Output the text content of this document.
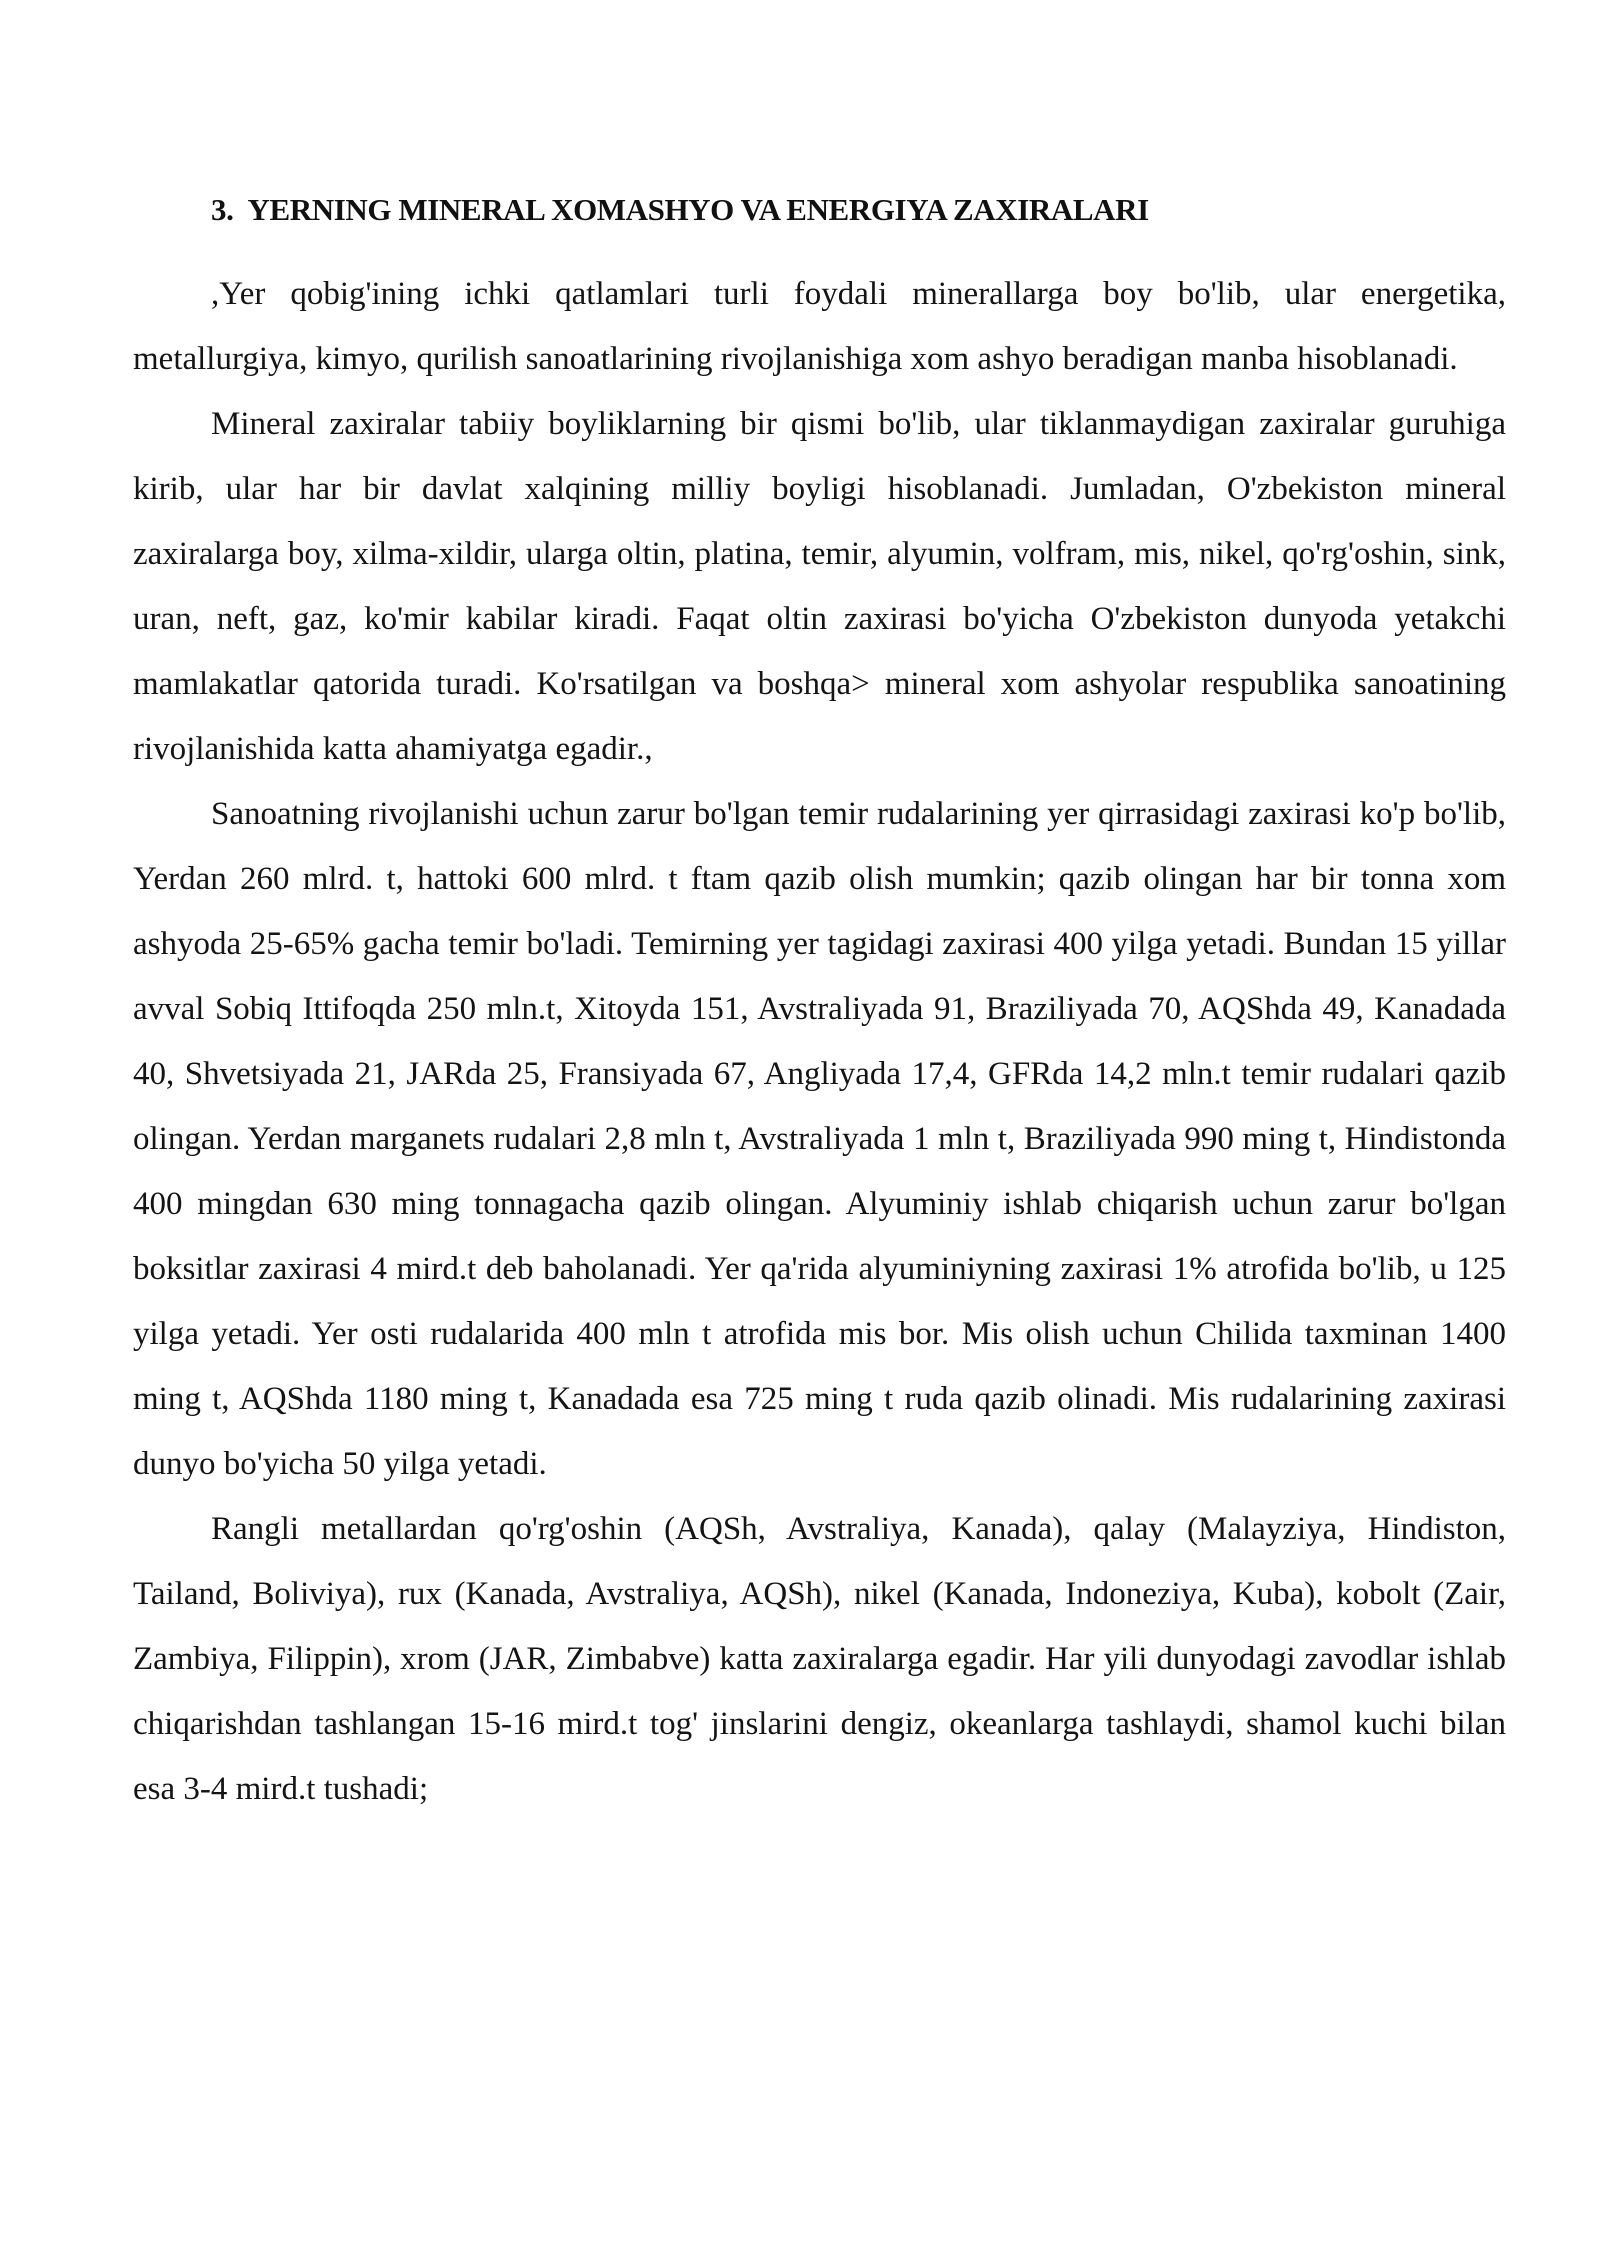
3. YERNING MINERAL XOMASHYO VA ENERGIYA ZAXIRALARI

,Yer qobig'ining ichki qatlamlari turli foydali minerallarga boy bo'lib, ular energetika, metallurgiya, kimyo, qurilish sanoatlarining rivojlanishiga xom ashyo beradigan manba hisoblanadi.

Mineral zaxiralar tabiiy boyliklarning bir qismi bo'lib, ular tiklanmaydigan zaxiralar guruhiga kirib, ular har bir davlat xalqining milliy boyligi hisoblanadi. Jumladan, O'zbekiston mineral zaxiralarga boy, xilma-xildir, ularga oltin, platina, temir, alyumin, volfram, mis, nikel, qo'rg'oshin, sink, uran, neft, gaz, ko'mir kabilar kiradi. Faqat oltin zaxirasi bo'yicha O'zbekiston dunyoda yetakchi mamlakatlar qatorida turadi. Ko'rsatilgan va boshqa> mineral xom ashyolar respublika sanoatining rivojlanishida katta ahamiyatga egadir.,

Sanoatning rivojlanishi uchun zarur bo'lgan temir rudalarining yer qirrasidagi zaxirasi ko'p bo'lib, Yerdan 260 mlrd. t, hattoki 600 mlrd. t ftam qazib olish mumkin; qazib olingan har bir tonna xom ashyoda 25-65% gacha temir bo'ladi. Temirning yer tagidagi zaxirasi 400 yilga yetadi. Bundan 15 yillar avval Sobiq Ittifoqda 250 mln.t, Xitoyda 151, Avstraliyada 91, Braziliyada 70, AQShda 49, Kanadada 40, Shvetsiyada 21, JARda 25, Fransiyada 67, Angliyada 17,4, GFRda 14,2 mln.t temir rudalari qazib olingan. Yerdan marganets rudalari 2,8 mln t, Avstraliyada 1 mln t, Braziliyada 990 ming t, Hindistonda 400 mingdan 630 ming tonnagacha qazib olingan. Alyuminiy ishlab chiqarish uchun zarur bo'lgan boksitlar zaxirasi 4 mird.t deb baholanadi. Yer qa'rida alyuminiyning zaxirasi 1% atrofida bo'lib, u 125 yilga yetadi. Yer osti rudalarida 400 mln t atrofida mis bor. Mis olish uchun Chilida taxminan 1400 ming t, AQShda 1180 ming t, Kanadada esa 725 ming t ruda qazib olinadi. Mis rudalarining zaxirasi dunyo bo'yicha 50 yilga yetadi.

Rangli metallardan qo'rg'oshin (AQSh, Avstraliya, Kanada), qalay (Malayziya, Hindiston, Tailand, Boliviya), rux (Kanada, Avstraliya, AQSh), nikel (Kanada, Indoneziya, Kuba), kobolt (Zair, Zambiya, Filippin), xrom (JAR, Zimbabve) katta zaxiralarga egadir. Har yili dunyodagi zavodlar ishlab chiqarishdan tashlangan 15-16 mird.t tog' jinslarini dengiz, okeanlarga tashlaydi, shamol kuchi bilan esa 3-4 mird.t tushadi;
